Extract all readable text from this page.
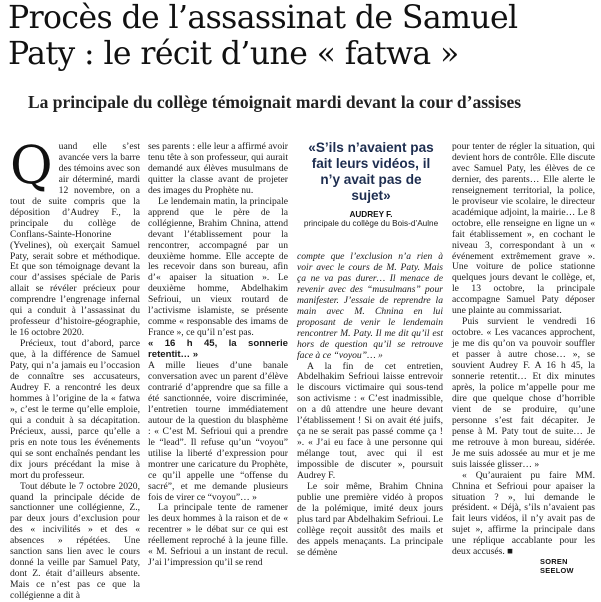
Procès de l’assassinat de Samuel
Paty : le récit d’une « fatwa »
La principale du collège témoignait mardi devant la cour d’assises

Quand elle s’est avancée vers la barre des témoins avec son air déterminé, mardi 12 novembre, on a tout de suite compris que la déposition d’Audrey F., la principale du collège de Conflans-Sainte-Honorine (Yvelines), où exerçait Samuel Paty, serait sobre et méthodique. Et que son témoignage devant la cour d’assises spéciale de Paris allait se révéler précieux pour comprendre l’engrenage infernal qui a conduit à l’assassinat du professeur d’histoire-géographie, le 16 octobre 2020.

Précieux, tout d’abord, parce que, à la différence de Samuel Paty, qui n’a jamais eu l’occasion de connaître ses accusateurs, Audrey F. a rencontré les deux hommes à l’origine de la « fatwa », c’est le terme qu’elle emploie, qui a conduit à sa décapitation. Précieux, aussi, parce qu’elle a pris en note tous les événements qui se sont enchaînés pendant les dix jours précédant la mise à mort du professeur.

Tout débute le 7 octobre 2020, quand la principale décide de sanctionner une collégienne, Z., par deux jours d’exclusion pour des « incivilités » et des « absences » répétées. Une sanction sans lien avec le cours donné la veille par Samuel Paty, dont Z. était d’ailleurs absente. Mais ce n’est pas ce que la collégienne a dit à

ses parents : elle leur a affirmé avoir tenu tête à son professeur, qui aurait demandé aux élèves musulmans de quitter la classe avant de projeter des images du Prophète nu.

Le lendemain matin, la principale apprend que le père de la collégienne, Brahim Chnina, attend devant l’établissement pour la rencontrer, accompagné par un deuxième homme. Elle accepte de les recevoir dans son bureau, afin d’« apaiser la situation ». Le deuxième homme, Abdelhakim Sefrioui, un vieux routard de l’activisme islamiste, se présente comme « responsable des imams de France », ce qu’il n’est pas.

« 16 h 45, la sonnerie retentit… »

A mille lieues d’une banale conversation avec un parent d’élève contrarié d’apprendre que sa fille a été sanctionnée, voire discriminée, l’entretien tourne immédiatement autour de la question du blasphème : « C’est M. Sefrioui qui a prendre le “lead”. Il refuse qu’un “voyou” utilise la liberté d’expression pour montrer une caricature du Prophète, ce qu’il appelle une “offense du sacré”, et me demande plusieurs fois de virer ce “voyou”… »

La principale tente de ramener les deux hommes à la raison et de « recentrer » le débat sur ce qui est réellement reproché à la jeune fille. « M. Sefrioui a un instant de recul. J’ai l’impression qu’il se rend

«S’ils n’avaient pas fait leurs vidéos, il n’y avait pas de sujet»

AUDREY F.
principale du collège du Bois-d’Aulne

compte que l’exclusion n’a rien à voir avec le cours de M. Paty. Mais ça ne va pas durer… Il menace de revenir avec des “musulmans” pour manifester. J’essaie de reprendre la main avec M. Chnina en lui proposant de venir le lendemain rencontrer M. Paty. Il me dit qu’il est hors de question qu’il se retrouve face à ce “voyou”… »

A la fin de cet entretien, Abdelhakim Sefrioui laisse entrevoir le discours victimaire qui sous-tend son activisme : « C’est inadmissible, on a dû attendre une heure devant l’établissement ! Si on avait été juifs, ça ne se serait pas passé comme ça ! ». « J’ai eu face à une personne qui mélange tout, avec qui il est impossible de discuter », poursuit Audrey F.

Le soir même, Brahim Chnina publie une première vidéo à propos de la polémique, imité deux jours plus tard par Abdelhakim Sefrioui. Le collège reçoit aussitôt des mails et des appels menaçants. La principale se démène

pour tenter de régler la situation, qui devient hors de contrôle. Elle discute avec Samuel Paty, les élèves de ce dernier, des parents… Elle alerte le renseignement territorial, la police, le proviseur vie scolaire, le directeur académique adjoint, la mairie… Le 8 octobre, elle renseigne en ligne un « fait établissement », en cochant le niveau 3, correspondant à un « événement extrêmement grave ». Une voiture de police stationne quelques jours devant le collège, et, le 13 octobre, la principale accompagne Samuel Paty déposer une plainte au commissariat.

Puis survient le vendredi 16 octobre. « Les vacances approchent, je me dis qu’on va pouvoir souffler et passer à autre chose… », se souvient Audrey F. A 16 h 45, la sonnerie retentit… Et dix minutes après, la police m’appelle pour me dire que quelque chose d’horrible vient de se produire, qu’une personne s’est fait décapiter. Je pense à M. Paty tout de suite… Je me retrouve à mon bureau, sidérée. Je me suis adossée au mur et je me suis laissée glisser… »

« Qu’auraient pu faire MM. Chnina et Sefrioui pour apaiser la situation ? », lui demande le président. « Déjà, s’ils n’avaient pas fait leurs vidéos, il n’y avait pas de sujet », affirme la principale dans une réplique accablante pour les deux accusés. ■

SOREN SEELOW
